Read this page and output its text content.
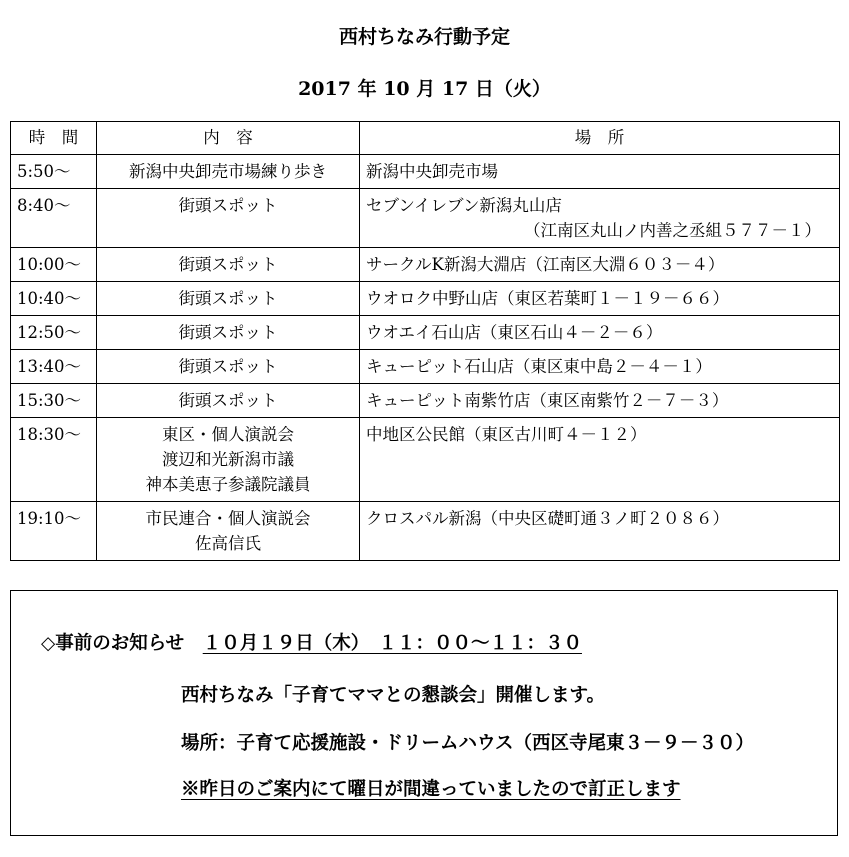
西村ちなみ行動予定
2017 年 10 月 17 日（火）
時　間	内　容	場　所
5:50～	新潟中央卸売市場練り歩き	新潟中央卸売市場

8:40～	街頭スポット	セブンイレブン新潟丸山店
（江南区丸山ノ内善之丞組５７７－１）

10:00～	街頭スポット	サークルK新潟大淵店（江南区大淵６０３－４）

10:40～	街頭スポット	ウオロク中野山店（東区若葉町１－１９－６６）

12:50～	街頭スポット	ウオエイ石山店（東区石山４－２－６）

13:40～	街頭スポット	キューピット石山店（東区東中島２－４－１）

15:30～	街頭スポット	キューピット南紫竹店（東区南紫竹２－７－３）

18:30～	東区・個人演説会
渡辺和光新潟市議
神本美恵子参議院議員	中地区公民館（東区古川町４－１２）

19:10～	市民連合・個人演説会
佐高信氏	クロスパル新潟（中央区礎町通３ノ町２０８６）
◇事前のお知らせ　 １０月１９日（木）　１１：００～１１：３０
西村ちなみ「子育てママとの懇談会」開催します。
場所：子育て応援施設・ドリームハウス（西区寺尾東３－９－３０）
※昨日のご案内にて曜日が間違っていましたので訂正します
